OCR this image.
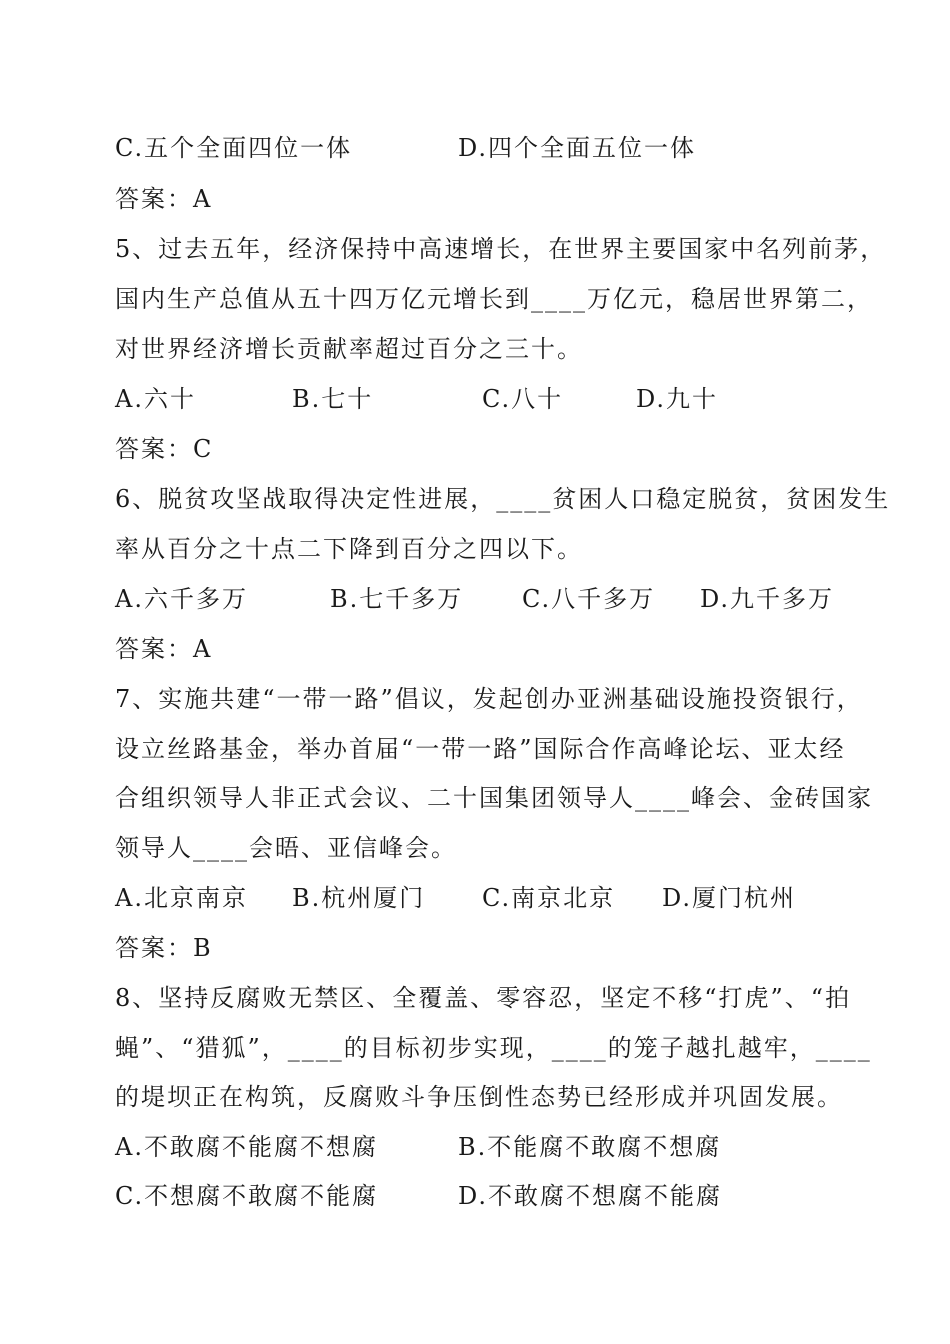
C.五个全面四位一体	D.四个全面五位一体
答案：A
5、过去五年，经济保持中高速增长，在世界主要国家中名列前茅，
国内生产总值从五十四万亿元增长到____万亿元，稳居世界第二，
对世界经济增长贡献率超过百分之三十。
A.六十	B.七十	C.八十	D.九十
答案：C
6、脱贫攻坚战取得决定性进展，____贫困人口稳定脱贫，贫困发生
率从百分之十点二下降到百分之四以下。
A.六千多万	B.七千多万 C.八千多万 D.九千多万
答案：A
7、实施共建“一带一路”倡议，发起创办亚洲基础设施投资银行，
设立丝路基金，举办首届“一带一路”国际合作高峰论坛、亚太经
合组织领导人非正式会议、二十国集团领导人____峰会、金砖国家
领导人____会晤、亚信峰会。
A.北京南京 B.杭州厦门 C.南京北京 D.厦门杭州
答案：B
8、坚持反腐败无禁区、全覆盖、零容忍，坚定不移“打虎”、“拍
蝇”、“猎狐”，____的目标初步实现，____的笼子越扎越牢，____
的堤坝正在构筑，反腐败斗争压倒性态势已经形成并巩固发展。
A.不敢腐不能腐不想腐	B.不能腐不敢腐不想腐
C.不想腐不敢腐不能腐	D.不敢腐不想腐不能腐
